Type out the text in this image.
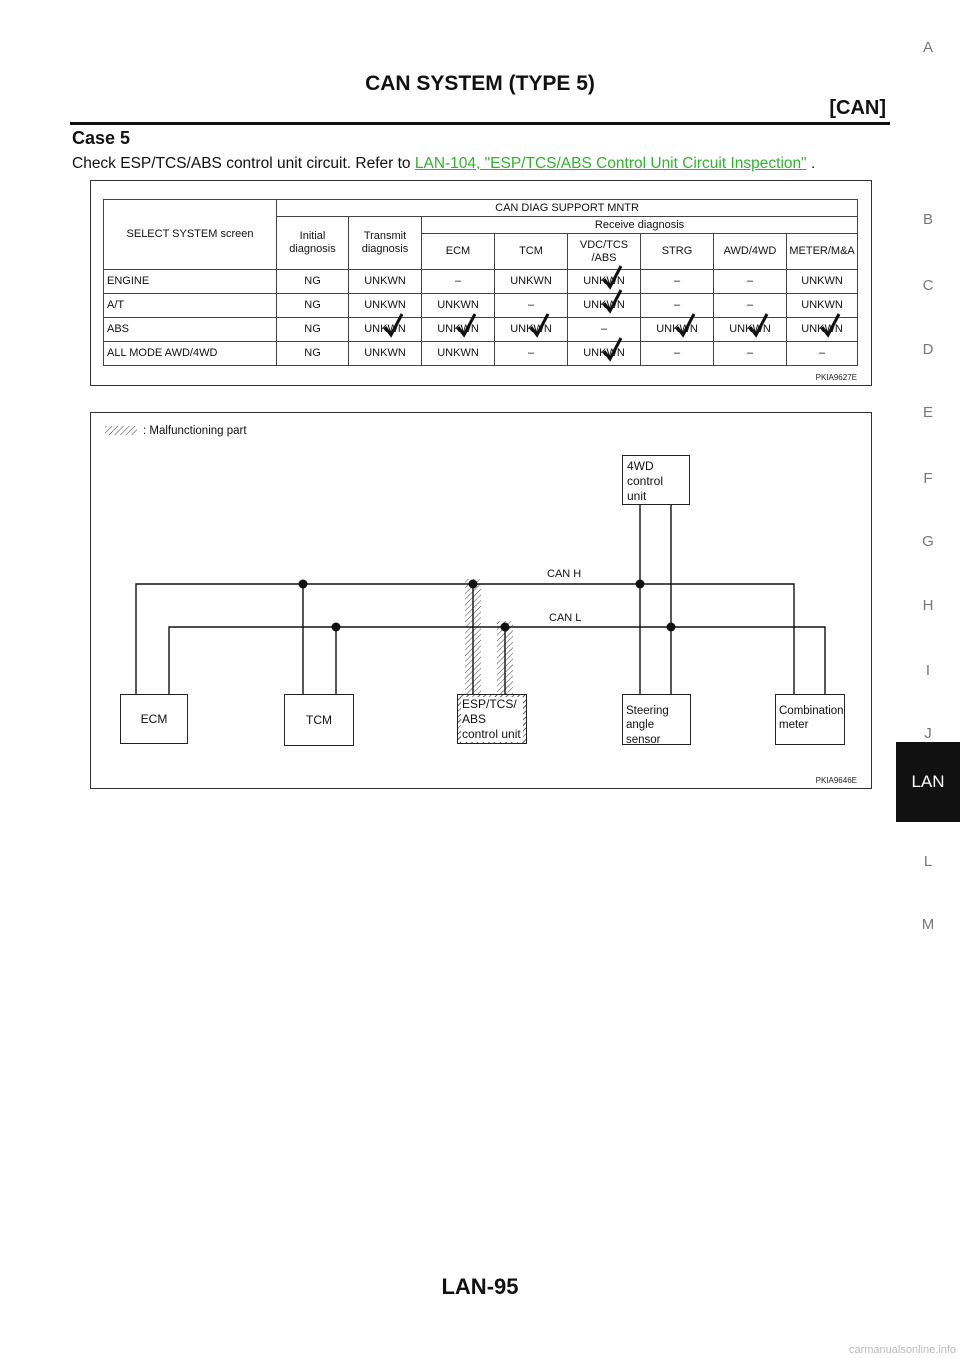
CAN SYSTEM (TYPE 5)
[CAN]
Case 5
Check ESP/TCS/ABS control unit circuit. Refer to LAN-104, "ESP/TCS/ABS Control Unit Circuit Inspection" .
A
B
C
D
E
F
G
H
I
J
L
M
LAN
SELECT SYSTEM screen	CAN DIAG SUPPORT MNTR							
	Initial diagnosis	Transmit diagnosis	Receive diagnosis					
			ECM	TCM	VDC/TCS /ABS	STRG	AWD/4WD	METER/M&A
ENGINE	NG	UNKWN	–	UNKWN	UNKWN	–	–	UNKWN
A/T	NG	UNKWN	UNKWN	–	UNKWN	–	–	UNKWN
ABS	NG	UNKWN	UNKWN	UNKWN	–	UNKWN	UNKWN	UNKWN

ALL MODE AWD/4WD	NG	UNKWN	UNKWN	–	UNKWN	–	–	–
PKIA9627E
: Malfunctioning part
CAN H
CAN L
4WD control unit
ECM	TCM
ESP/TCS/ ABS control unit
Steering angle sensor
Combination meter
PKIA9646E
LAN-95
carmanualsonline.info
